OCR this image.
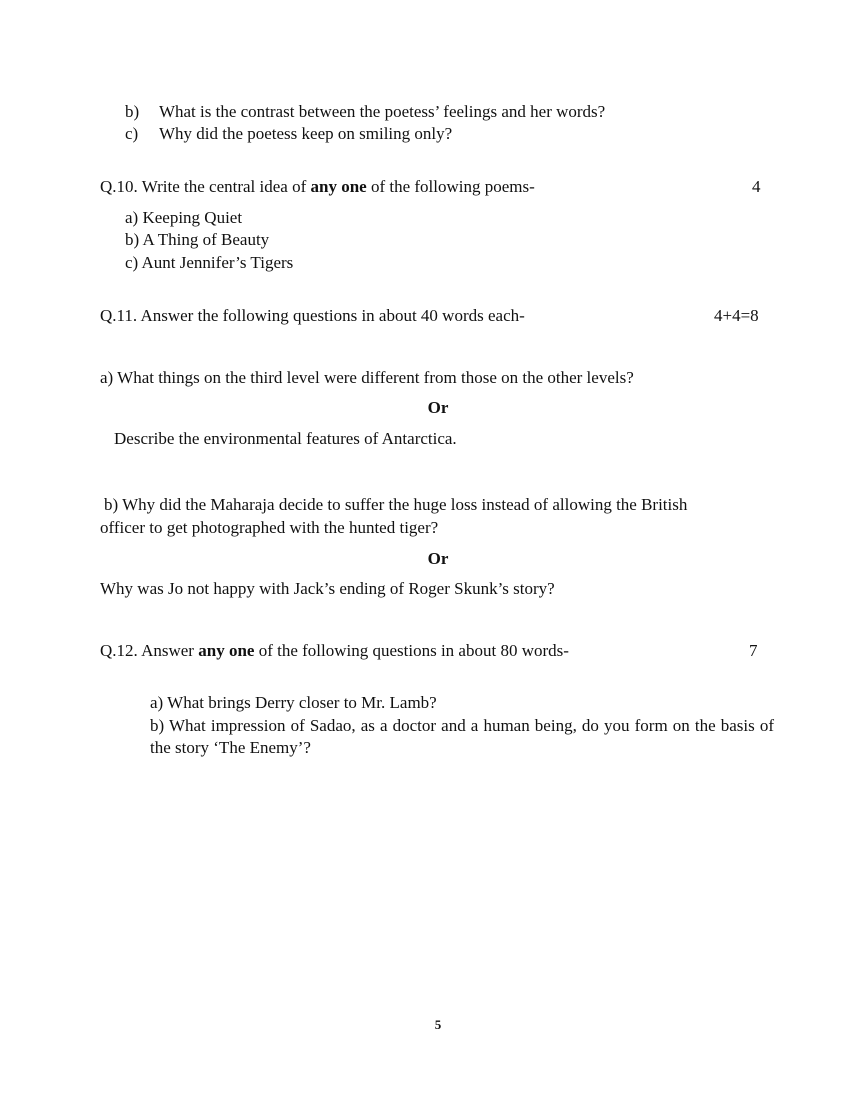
b) What is the contrast between the poetess’ feelings and her words?
c) Why did the poetess keep on smiling only?
Q.10. Write the central idea of any one of the following poems-	4
a) Keeping Quiet
b) A Thing of Beauty
c) Aunt Jennifer’s Tigers
Q.11. Answer the following questions in about 40 words each-	4+4=8
a) What things on the third level were different from those on the other levels?
Or
Describe the environmental features of Antarctica.
b) Why did the Maharaja decide to suffer the huge loss instead of allowing the British
officer to get photographed with the hunted tiger?
Or
Why was Jo not happy with Jack’s ending of Roger Skunk’s story?
Q.12. Answer any one of the following questions in about 80 words-	7
a) What brings Derry closer to Mr. Lamb?
b) What impression of Sadao, as a doctor and a human being, do you form on the basis of the story ‘The Enemy’?
5
